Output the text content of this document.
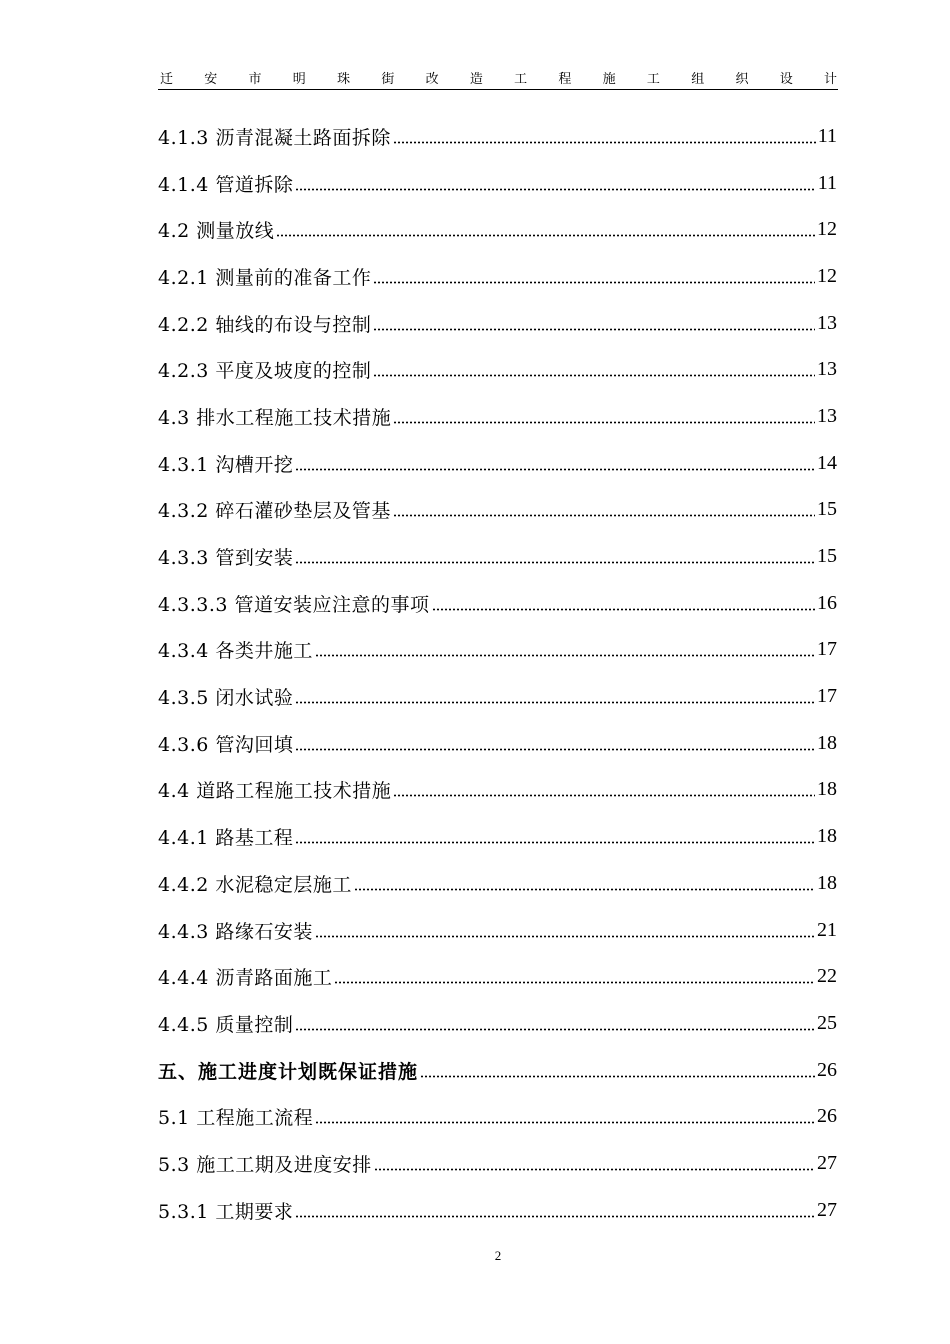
迁 安 市 明 珠 街 改 造 工 程 施 工 组 织 设 计
4.1.3 沥青混凝土路面拆除	11
4.1.4 管道拆除	11
4.2 测量放线	12
4.2.1 测量前的准备工作	12
4.2.2 轴线的布设与控制	13
4.2.3 平度及坡度的控制	13
4.3 排水工程施工技术措施	13
4.3.1 沟槽开挖	14
4.3.2 碎石灌砂垫层及管基	15
4.3.3 管到安装	15
4.3.3.3 管道安装应注意的事项	16
4.3.4 各类井施工	17
4.3.5 闭水试验	17
4.3.6 管沟回填	18
4.4 道路工程施工技术措施	18
4.4.1 路基工程	18
4.4.2 水泥稳定层施工	18
4.4.3 路缘石安装	21
4.4.4 沥青路面施工	22
4.4.5 质量控制	25
五、施工进度计划既保证措施	26
5.1 工程施工流程	26
5.3 施工工期及进度安排	27
5.3.1 工期要求	27
2
